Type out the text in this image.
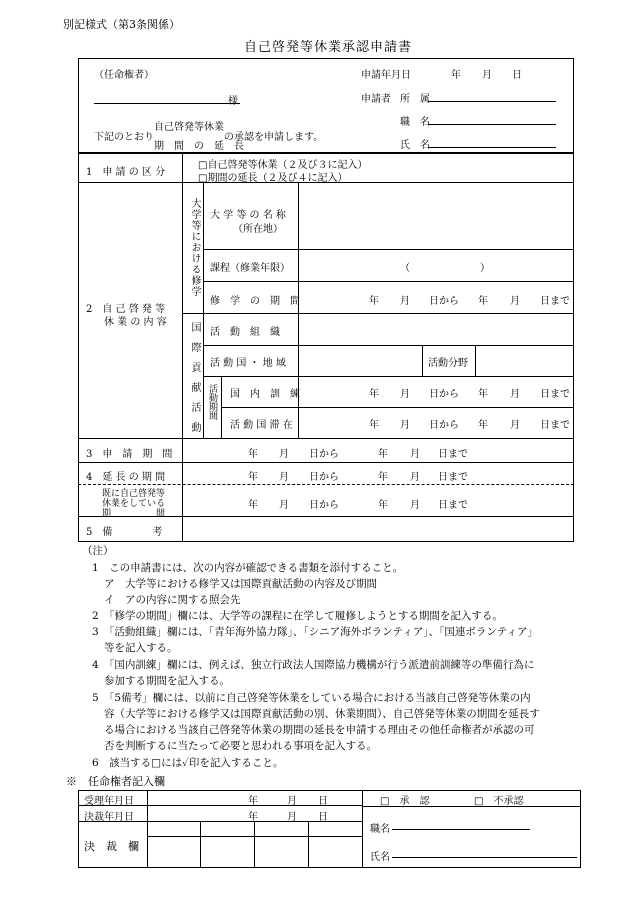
別記様式（第3条関係）
自己啓発等休業承認申請書
（任命権者）
様
申請年月日	年 月 日
申請者 所　属
職　名
氏　名
下記のとおり
自己啓発等休業
期　間　の　延　長
の承認を申請します。
1　申 請 の 区 分
□自己啓発等休業（２及び３に記入）
□期間の延長（２及び４に記入）
2　自 己 啓 発 等
休 業 の 内 容
大学等における修学
国際貢献活動
大 学 等 の 名 称
（所在地）
課程（修業年限）	（　　　　　　　）
修　学　の　期　間	年 月 日から 年 月 日まで
活　動　組　織
活 動 国 ・ 地 域	活動分野
活動期間 国　内　訓　練	年 月 日から 年 月 日まで
活 動 国 滞 在	年 月 日から 年 月 日まで
3　申　請　期　間	年 月 日から	年 月 日まで
4　延 長 の 期 間	年 月 日から	年 月 日まで
既に自己啓発等
休業をしている
期　　　　　間
年 月 日から	年 月 日まで
5　備　　　　考
（注）
1　この申請書には、次の内容が確認できる書類を添付すること。
ア　大学等における修学又は国際貢献活動の内容及び期間
イ　アの内容に関する照会先
2　「修学の期間」欄には、大学等の課程に在学して履修しようとする期間を記入する。
3　「活動組織」欄には、「青年海外協力隊」、「シニア海外ボランティア」、「国連ボランティア」
等を記入する。
4　「国内訓練」欄には、例えば、独立行政法人国際協力機構が行う派遣前訓練等の準備行為に
参加する期間を記入する。
5　「5備考」欄には、以前に自己啓発等休業をしている場合における当該自己啓発等休業の内
容（大学等における修学又は国際貢献活動の別、休業期間）、自己啓発等休業の期間を延長す
る場合における当該自己啓発等休業の期間の延長を申請する理由その他任命権者が承認の可
否を判断するに当たって必要と思われる事項を記入する。
6　該当する□には✓印を記入すること。
※　任命権者記入欄
受理年月日	年	月 日
決裁年月日	年	月 日
決　裁　欄
□　承　認	□　不承認
職名
氏名
